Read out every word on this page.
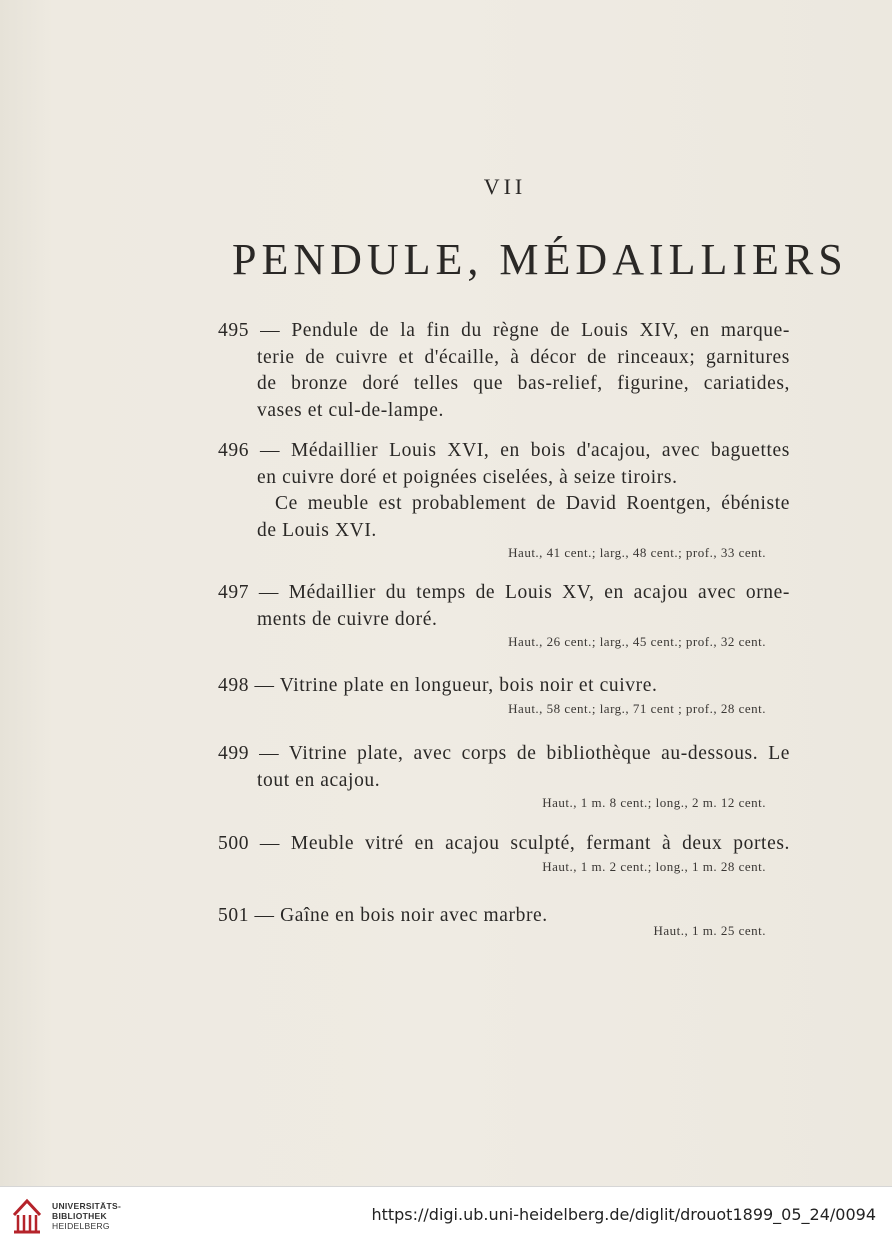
VII
PENDULE, MÉDAILLIERS
495 — Pendule de la fin du règne de Louis XIV, en marque-
terie de cuivre et d'écaille, à décor de rinceaux; garnitures
de bronze doré telles que bas-relief, figurine, cariatides,
vases et cul-de-lampe.
496 — Médaillier Louis XVI, en bois d'acajou, avec baguettes
en cuivre doré et poignées ciselées, à seize tiroirs.
Ce meuble est probablement de David Roentgen, ébéniste
de Louis XVI.
Haut., 41 cent.; larg., 48 cent.; prof., 33 cent.
497 — Médaillier du temps de Louis XV, en acajou avec orne-
ments de cuivre doré.
Haut., 26 cent.; larg., 45 cent.; prof., 32 cent.
498 — Vitrine plate en longueur, bois noir et cuivre.
Haut., 58 cent.; larg., 71 cent ; prof., 28 cent.
499 — Vitrine plate, avec corps de bibliothèque au-dessous. Le
tout en acajou.
Haut., 1 m. 8 cent.; long., 2 m. 12 cent.
500 — Meuble vitré en acajou sculpté, fermant à deux portes.
Haut., 1 m. 2 cent.; long., 1 m. 28 cent.
501 — Gaîne en bois noir avec marbre.
Haut., 1 m. 25 cent.
UNIVERSITÄTS-
BIBLIOTHEK
HEIDELBERG
https://digi.ub.uni-heidelberg.de/diglit/drouot1899_05_24/0094
